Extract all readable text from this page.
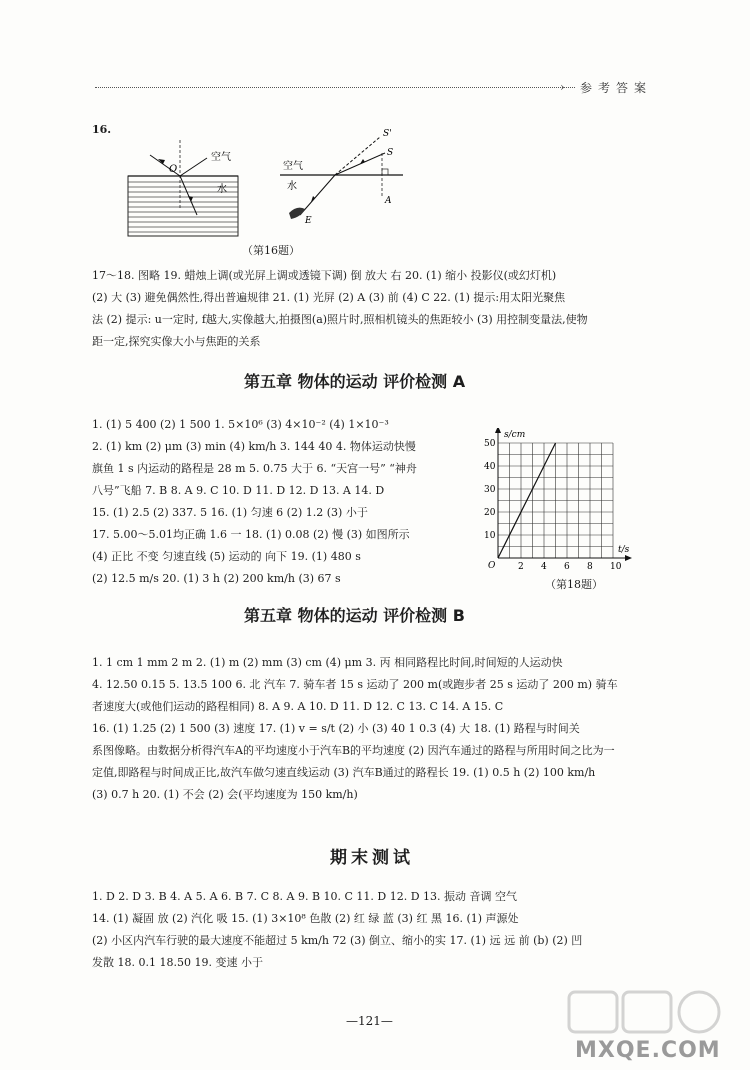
› 参考答案
16.
O
空气
水
S'
S
A
E
空气
水
（第16题）
17～18. 图略 19. 蜡烛上调(或光屏上调或透镜下调) 倒 放大 右 20. (1) 缩小 投影仪(或幻灯机)
(2) 大 (3) 避免偶然性,得出普遍规律 21. (1) 光屏 (2) A (3) 前 (4) C 22. (1) 提示:用太阳光聚焦
法 (2) 提示: u一定时, f越大,实像越大,拍摄图(a)照片时,照相机镜头的焦距较小 (3) 用控制变量法,使物
距一定,探究实像大小与焦距的关系
第五章 物体的运动 评价检测 A
1. (1) 5 400 (2) 1 500 1. 5×10⁶ (3) 4×10⁻² (4) 1×10⁻³
2. (1) km (2) μm (3) min (4) km/h 3. 144 40 4. 物体运动快慢
旗鱼 1 s 内运动的路程是 28 m 5. 0.75 大于 6. “天宫一号” “神舟
八号”飞船 7. B 8. A 9. C 10. D 11. D 12. D 13. A 14. D
15. (1) 2.5 (2) 337. 5 16. (1) 匀速 6 (2) 1.2 (3) 小于
17. 5.00～5.01均正确 1.6 一 18. (1) 0.08 (2) 慢 (3) 如图所示
(4) 正比 不变 匀速直线 (5) 运动的 向下 19. (1) 480 s
(2) 12.5 m/s 20. (1) 3 h (2) 200 km/h (3) 67 s
s/cm
t/s
O	2 4 6 8 10
10
20
30
40
50
（第18题）
第五章 物体的运动 评价检测 B
1. 1 cm 1 mm 2 m 2. (1) m (2) mm (3) cm (4) μm 3. 丙 相同路程比时间,时间短的人运动快
4. 12.50 0.15 5. 13.5 100 6. 北 汽车 7. 骑车者 15 s 运动了 200 m(或跑步者 25 s 运动了 200 m) 骑车
者速度大(或他们运动的路程相同) 8. A 9. A 10. D 11. D 12. C 13. C 14. A 15. C
16. (1) 1.25 (2) 1 500 (3) 速度 17. (1) v = s/t (2) 小 (3) 40 1 0.3 (4) 大 18. (1) 路程与时间关
系图像略。由数据分析得汽车A的平均速度小于汽车B的平均速度 (2) 因汽车通过的路程与所用时间之比为一
定值,即路程与时间成正比,故汽车做匀速直线运动 (3) 汽车B通过的路程长 19. (1) 0.5 h (2) 100 km/h
(3) 0.7 h 20. (1) 不会 (2) 会(平均速度为 150 km/h)
期末测试
1. D 2. D 3. B 4. A 5. A 6. B 7. C 8. A 9. B 10. C 11. D 12. D 13. 振动 音调 空气
14. (1) 凝固 放 (2) 汽化 吸 15. (1) 3×10⁸ 色散 (2) 红 绿 蓝 (3) 红 黑 16. (1) 声源处
(2) 小区内汽车行驶的最大速度不能超过 5 km/h 72 (3) 倒立、缩小的实 17. (1) 远 远 前 (b) (2) 凹
发散 18. 0.1 18.50 19. 变速 小于
—121—
MXQE.COM
